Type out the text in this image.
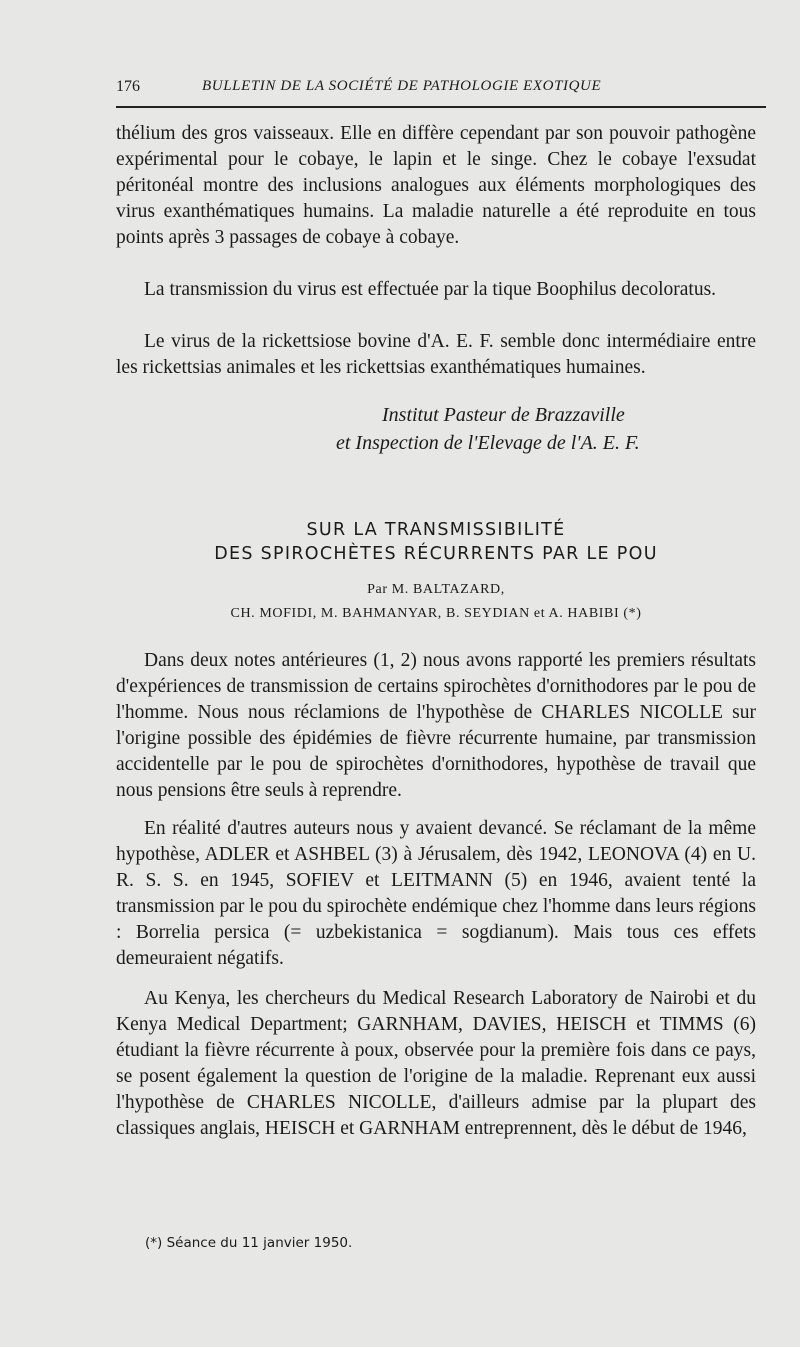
176	BULLETIN DE LA SOCIÉTÉ DE PATHOLOGIE EXOTIQUE

thélium des gros vaisseaux. Elle en diffère cependant par son pouvoir pathogène expérimental pour le cobaye, le lapin et le singe. Chez le cobaye l'exsudat péritonéal montre des inclusions analogues aux éléments morphologiques des virus exanthématiques humains. La maladie naturelle a été reproduite en tous points après 3 passages de cobaye à cobaye.

La transmission du virus est effectuée par la tique Boophilus decoloratus.

Le virus de la rickettsiose bovine d'A. E. F. semble donc intermédiaire entre les rickettsias animales et les rickettsias exanthématiques humaines.

Institut Pasteur de Brazzaville
et Inspection de l'Elevage de l'A. E. F.
SUR LA TRANSMISSIBILITÉ
DES SPIROCHÈTES RÉCURRENTS PAR LE POU
Par M. BALTAZARD,
CH. MOFIDI, M. BAHMANYAR, B. SEYDIAN et A. HABIBI (*)

Dans deux notes antérieures (1, 2) nous avons rapporté les premiers résultats d'expériences de transmission de certains spirochètes d'ornithodores par le pou de l'homme. Nous nous réclamions de l'hypothèse de CHARLES NICOLLE sur l'origine possible des épidémies de fièvre récurrente humaine, par transmission accidentelle par le pou de spirochètes d'ornithodores, hypothèse de travail que nous pensions être seuls à reprendre.

En réalité d'autres auteurs nous y avaient devancé. Se réclamant de la même hypothèse, ADLER et ASHBEL (3) à Jérusalem, dès 1942, LEONOVA (4) en U. R. S. S. en 1945, SOFIEV et LEITMANN (5) en 1946, avaient tenté la transmission par le pou du spirochète endémique chez l'homme dans leurs régions : Borrelia persica (= uzbekistanica = sogdianum). Mais tous ces effets demeuraient négatifs.

Au Kenya, les chercheurs du Medical Research Laboratory de Nairobi et du Kenya Medical Department; GARNHAM, DAVIES, HEISCH et TIMMS (6) étudiant la fièvre récurrente à poux, observée pour la première fois dans ce pays, se posent également la question de l'origine de la maladie. Reprenant eux aussi l'hypothèse de CHARLES NICOLLE, d'ailleurs admise par la plupart des classiques anglais, HEISCH et GARNHAM entreprennent, dès le début de 1946,

(*) Séance du 11 janvier 1950.
